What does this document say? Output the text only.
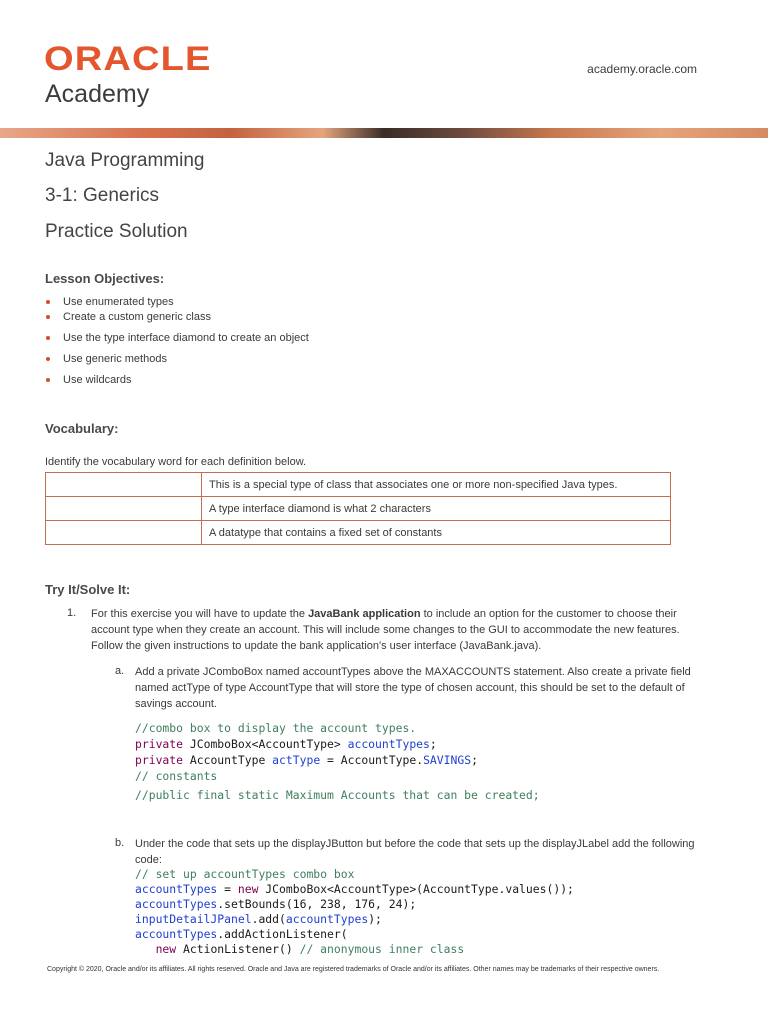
ORACLE
Academy
academy.oracle.com
Java Programming
3-1: Generics
Practice Solution
Lesson Objectives:
Use enumerated types
Create a custom generic class
Use the type interface diamond to create an object
Use generic methods
Use wildcards
Vocabulary:
Identify the vocabulary word for each definition below.
	This is a special type of class that associates one or more non-specified Java types.
	A type interface diamond is what 2 characters
	A datatype that contains a fixed set of constants
Try It/Solve It:
1. For this exercise you will have to update the JavaBank application to include an option for the customer to choose their
account type when they create an account. This will include some changes to the GUI to accommodate the new features.
Follow the given instructions to update the bank application's user interface (JavaBank.java).
a. Add a private JComboBox named accountTypes above the MAXACCOUNTS statement. Also create a private field
named actType of type AccountType that will store the type of chosen account, this should be set to the default of
savings account.
//combo box to display the account types.
private JComboBox<AccountType> accountTypes;
private AccountType actType = AccountType.SAVINGS;
// constants
//public final static Maximum Accounts that can be created;
b. Under the code that sets up the displayJButton but before the code that sets up the displayJLabel add the following
code:
// set up accountTypes combo box
accountTypes = new JComboBox<AccountType>(AccountType.values());
accountTypes.setBounds(16, 238, 176, 24);
inputDetailJPanel.add(accountTypes);
accountTypes.addActionListener(
new ActionListener() // anonymous inner class
Copyright © 2020, Oracle and/or its affiliates. All rights reserved. Oracle and Java are registered trademarks of Oracle and/or its affiliates. Other names may be trademarks of their respective owners.
